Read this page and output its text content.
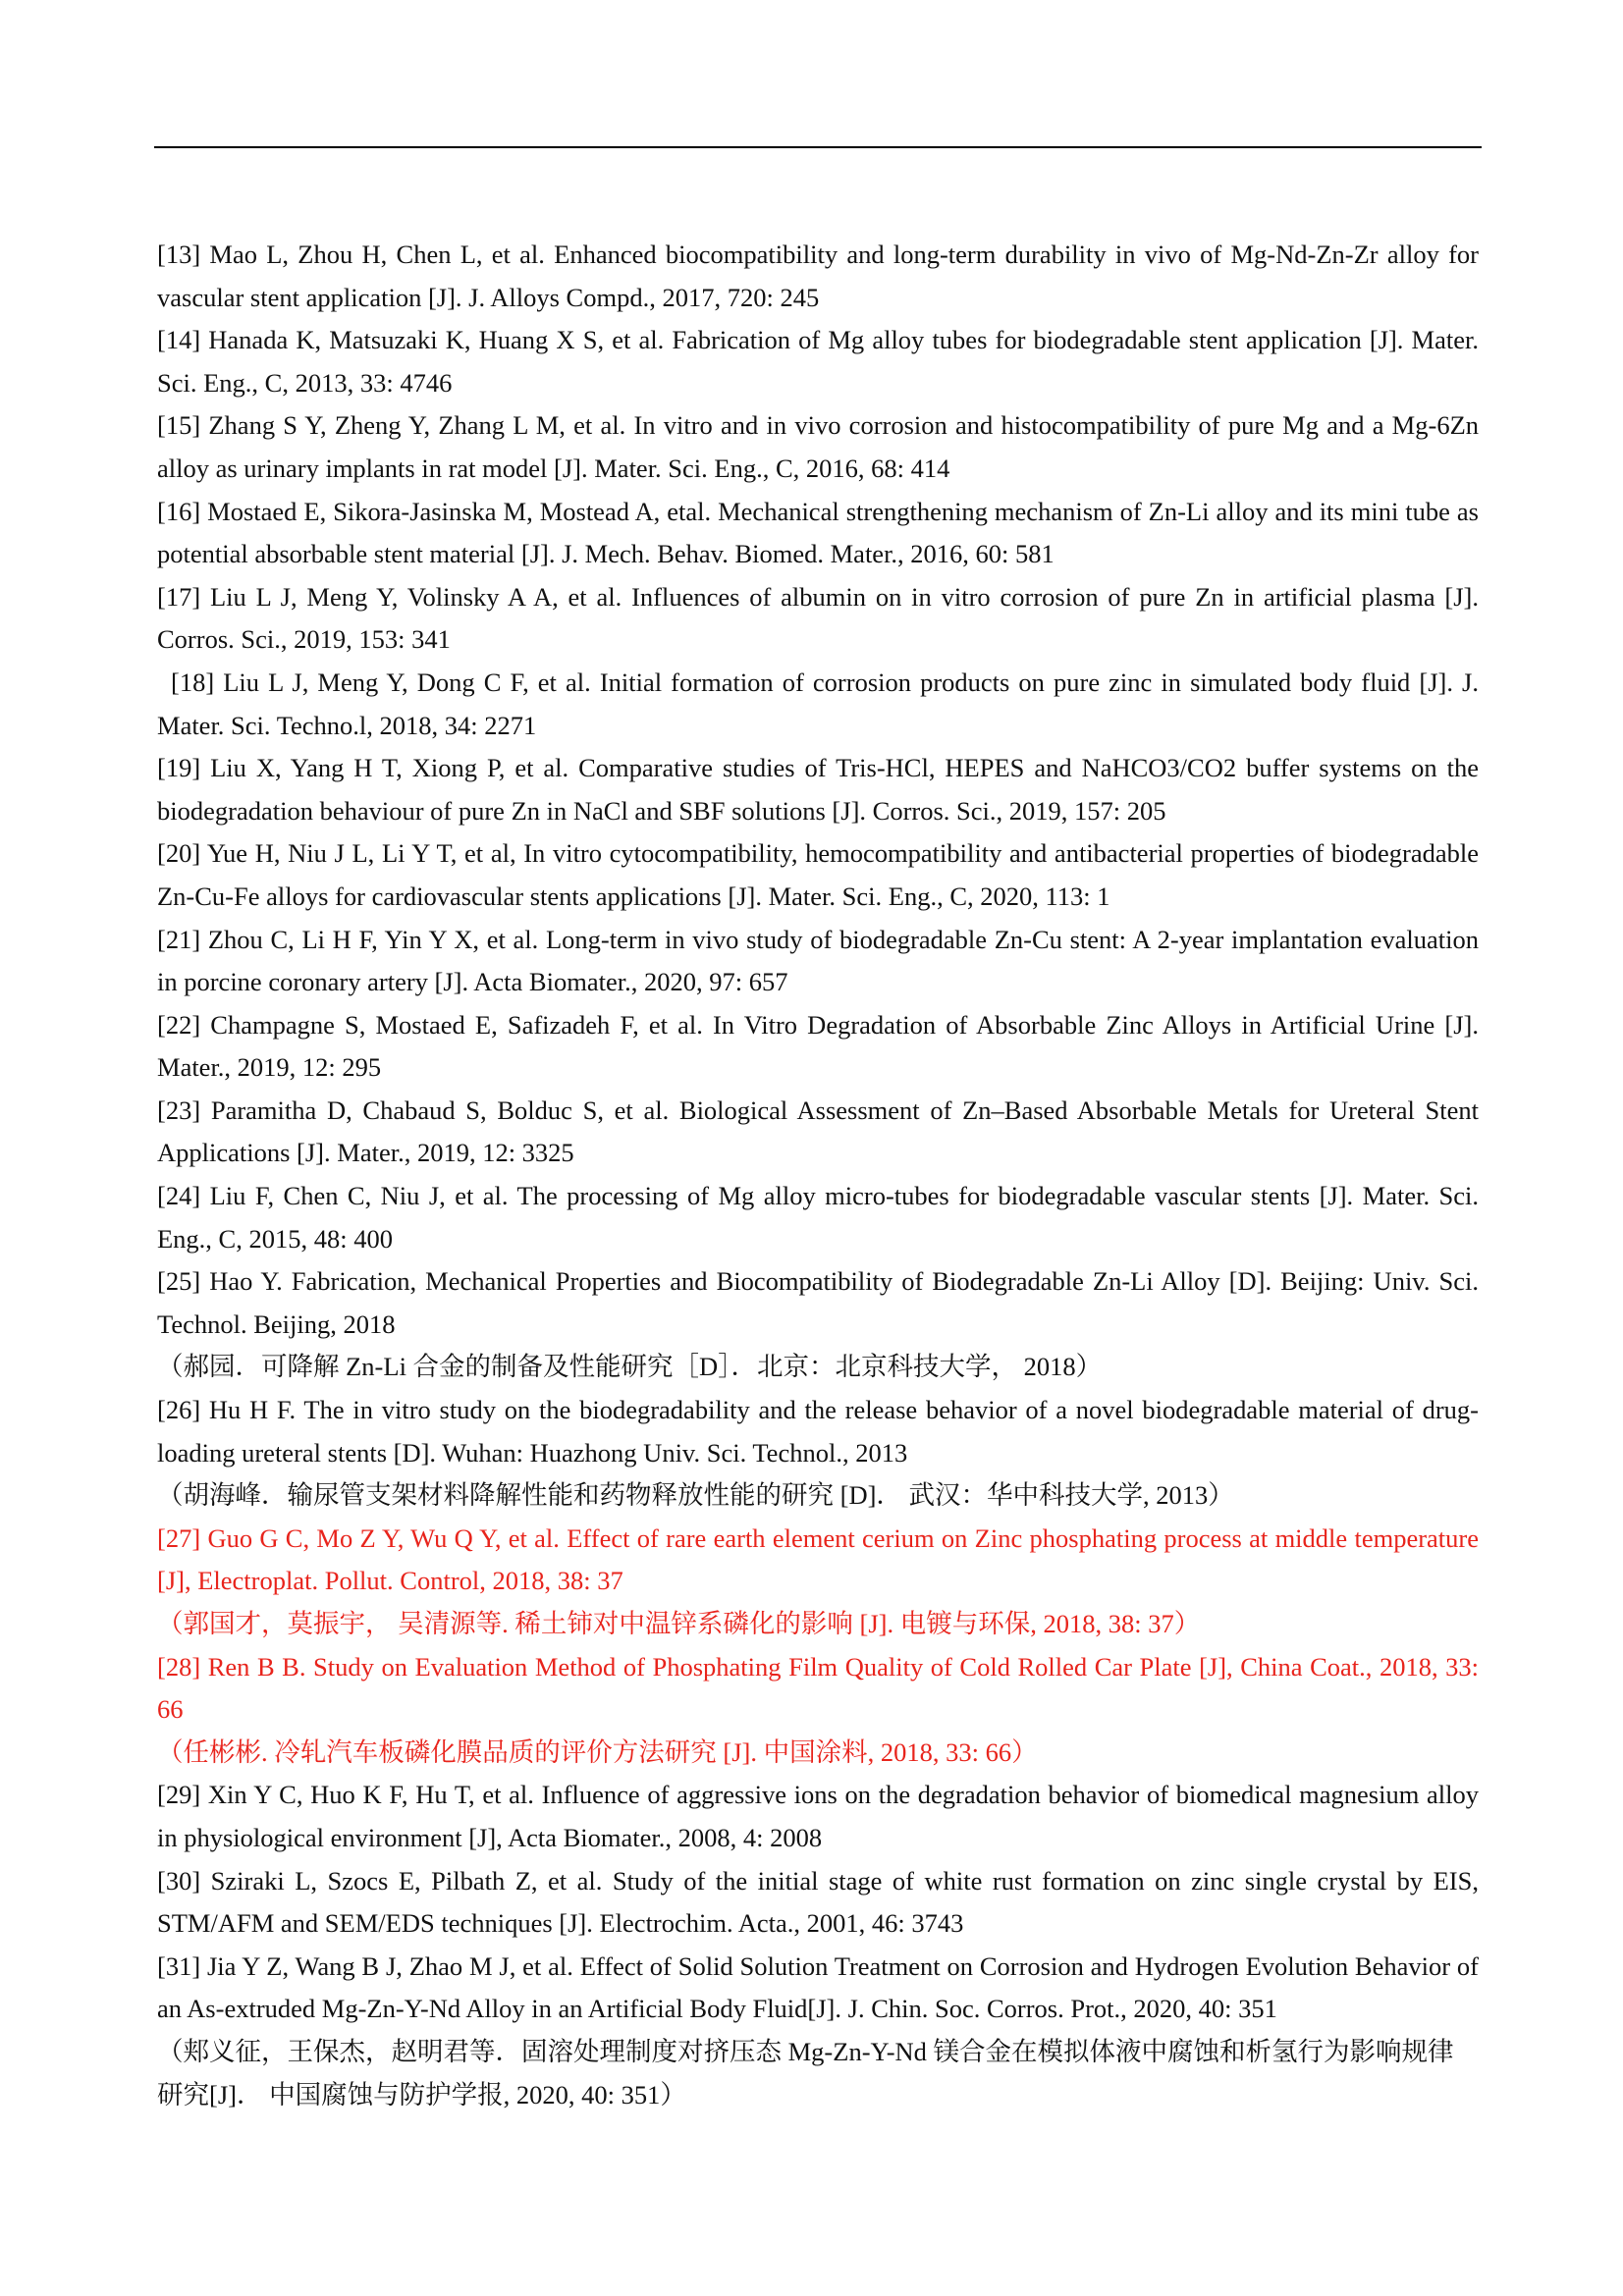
[13] Mao L, Zhou H, Chen L, et al. Enhanced biocompatibility and long-term durability in vivo of Mg-Nd-Zn-Zr alloy for vascular stent application [J]. J. Alloys Compd., 2017, 720: 245

[14] Hanada K, Matsuzaki K, Huang X S, et al. Fabrication of Mg alloy tubes for biodegradable stent application [J]. Mater. Sci. Eng., C, 2013, 33: 4746

[15] Zhang S Y, Zheng Y, Zhang L M, et al. In vitro and in vivo corrosion and histocompatibility of pure Mg and a Mg-6Zn alloy as urinary implants in rat model [J]. Mater. Sci. Eng., C, 2016, 68: 414

[16] Mostaed E, Sikora-Jasinska M, Mostead A, etal. Mechanical strengthening mechanism of Zn-Li alloy and its mini tube as potential absorbable stent material [J]. J. Mech. Behav. Biomed. Mater., 2016, 60: 581

[17] Liu L J, Meng Y, Volinsky A A, et al. Influences of albumin on in vitro corrosion of pure Zn in artificial plasma [J]. Corros. Sci., 2019, 153: 341

[18] Liu L J, Meng Y, Dong C F, et al. Initial formation of corrosion products on pure zinc in simulated body fluid [J]. J. Mater. Sci. Techno.l, 2018, 34: 2271

[19] Liu X, Yang H T, Xiong P, et al. Comparative studies of Tris-HCl, HEPES and NaHCO3/CO2 buffer systems on the biodegradation behaviour of pure Zn in NaCl and SBF solutions [J]. Corros. Sci., 2019, 157: 205

[20] Yue H, Niu J L, Li Y T, et al, In vitro cytocompatibility, hemocompatibility and antibacterial properties of biodegradable Zn-Cu-Fe alloys for cardiovascular stents applications [J]. Mater. Sci. Eng., C, 2020, 113: 1

[21] Zhou C, Li H F, Yin Y X, et al. Long-term in vivo study of biodegradable Zn-Cu stent: A 2-year implantation evaluation in porcine coronary artery [J]. Acta Biomater., 2020, 97: 657

[22] Champagne S, Mostaed E, Safizadeh F, et al. In Vitro Degradation of Absorbable Zinc Alloys in Artificial Urine [J]. Mater., 2019, 12: 295

[23] Paramitha D, Chabaud S, Bolduc S, et al. Biological Assessment of Zn–Based Absorbable Metals for Ureteral Stent Applications [J]. Mater., 2019, 12: 3325

[24] Liu F, Chen C, Niu J, et al. The processing of Mg alloy micro-tubes for biodegradable vascular stents [J]. Mater. Sci. Eng., C, 2015, 48: 400

[25] Hao Y. Fabrication, Mechanical Properties and Biocompatibility of Biodegradable Zn-Li Alloy [D]. Beijing: Univ. Sci. Technol. Beijing, 2018

（郝园．可降解 Zn-Li 合金的制备及性能研究［D］．北京：北京科技大学， 2018）

[26] Hu H F. The in vitro study on the biodegradability and the release behavior of a novel biodegradable material of drug-loading ureteral stents [D]. Wuhan: Huazhong Univ. Sci. Technol., 2013

（胡海峰．输尿管支架材料降解性能和药物释放性能的研究 [D]． 武汉：华中科技大学, 2013）

[27] Guo G C, Mo Z Y, Wu Q Y, et al. Effect of rare earth element cerium on Zinc phosphating process at middle temperature [J], Electroplat. Pollut. Control, 2018, 38: 37

（郭国才，莫振宇， 吴清源等. 稀土铈对中温锌系磷化的影响 [J]. 电镀与环保, 2018, 38: 37）

[28] Ren B B. Study on Evaluation Method of Phosphating Film Quality of Cold Rolled Car Plate [J], China Coat., 2018, 33: 66

（任彬彬. 冷轧汽车板磷化膜品质的评价方法研究 [J]. 中国涂料, 2018, 33: 66）

[29] Xin Y C, Huo K F, Hu T, et al. Influence of aggressive ions on the degradation behavior of biomedical magnesium alloy in physiological environment [J], Acta Biomater., 2008, 4: 2008

[30] Sziraki L, Szocs E, Pilbath Z, et al. Study of the initial stage of white rust formation on zinc single crystal by EIS, STM/AFM and SEM/EDS techniques [J]. Electrochim. Acta., 2001, 46: 3743

[31] Jia Y Z, Wang B J, Zhao M J, et al. Effect of Solid Solution Treatment on Corrosion and Hydrogen Evolution Behavior of an As-extruded Mg-Zn-Y-Nd Alloy in an Artificial Body Fluid[J]. J. Chin. Soc. Corros. Prot., 2020, 40: 351

（郏义征，王保杰，赵明君等．固溶处理制度对挤压态 Mg-Zn-Y-Nd 镁合金在模拟体液中腐蚀和析氢行为影响规律研究[J]． 中国腐蚀与防护学报, 2020, 40: 351）
